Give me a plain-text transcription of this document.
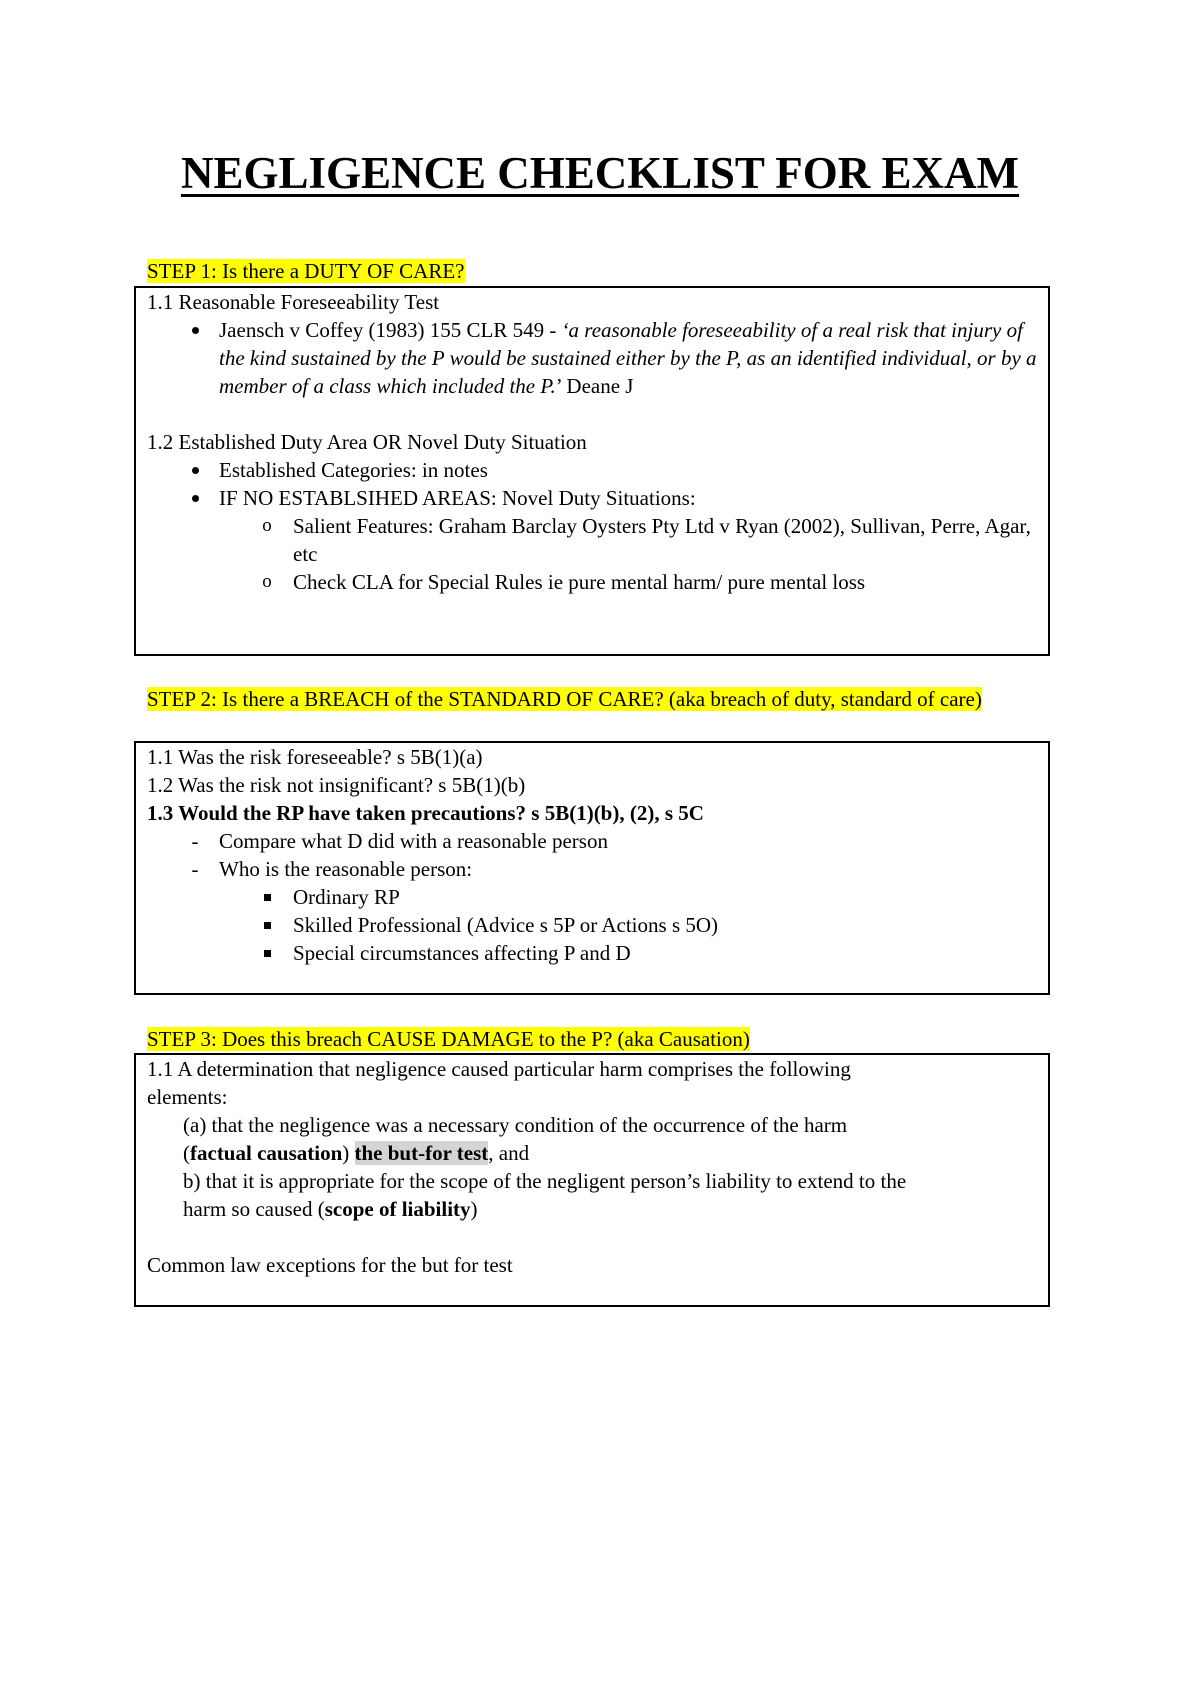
NEGLIGENCE CHECKLIST FOR EXAM

STEP 1: Is there a DUTY OF CARE?

1.1 Reasonable Foreseeability Test

Jaensch v Coffey (1983) 155 CLR 549 - ‘a reasonable foreseeability of a real risk that injury of the kind sustained by the P would be sustained either by the P, as an identified individual, or by a member of a class which included the P.’ Deane J

1.2 Established Duty Area OR Novel Duty Situation

Established Categories: in notes
IF NO ESTABLSIHED AREAS: Novel Duty Situations:
o Salient Features: Graham Barclay Oysters Pty Ltd v Ryan (2002), Sullivan, Perre, Agar, etc
o Check CLA for Special Rules ie pure mental harm/ pure mental loss

STEP 2: Is there a BREACH of the STANDARD OF CARE? (aka breach of duty, standard of care)

1.1 Was the risk foreseeable? s 5B(1)(a)

1.2 Was the risk not insignificant? s 5B(1)(b)

1.3 Would the RP have taken precautions? s 5B(1)(b), (2), s 5C

- Compare what D did with a reasonable person
- Who is the reasonable person:
Ordinary RP
Skilled Professional (Advice s 5P or Actions s 5O)
Special circumstances affecting P and D

STEP 3: Does this breach CAUSE DAMAGE to the P? (aka Causation)

1.1 A determination that negligence caused particular harm comprises the following

elements:

(a) that the negligence was a necessary condition of the occurrence of the harm

(factual causation) the but-for test, and

b) that it is appropriate for the scope of the negligent person’s liability to extend to the

harm so caused (scope of liability)

Common law exceptions for the but for test
